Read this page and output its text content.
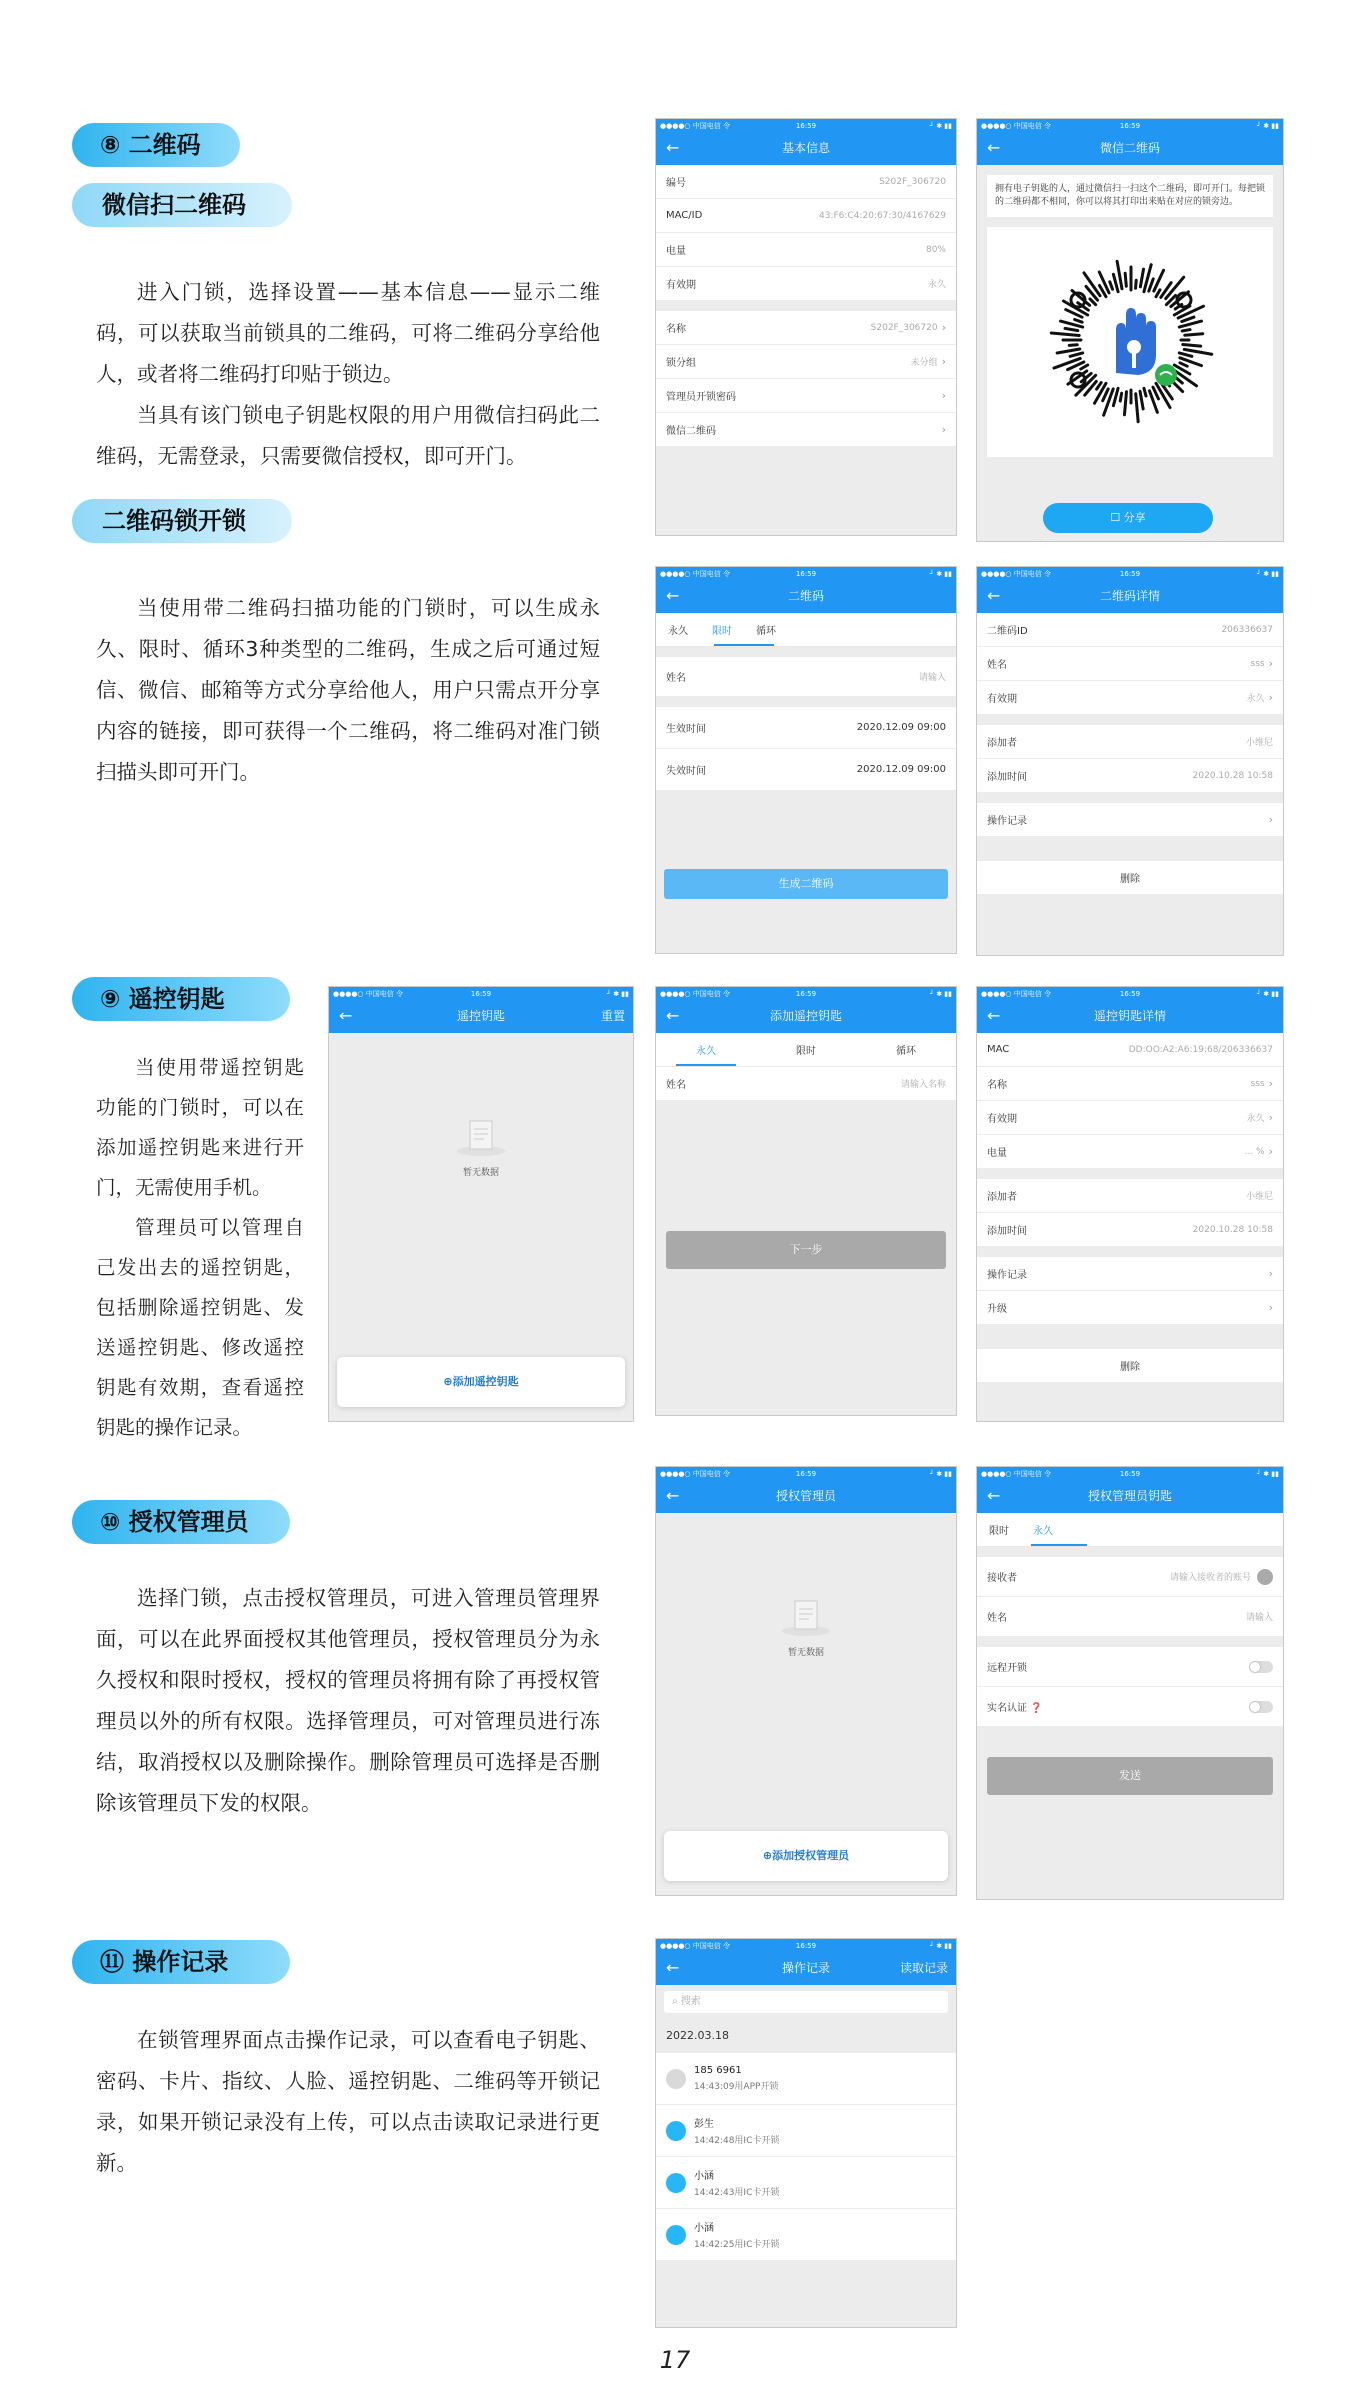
⑧ 二维码
微信扫二维码
进入门锁，选择设置——基本信息——显示二维码，可以获取当前锁具的二维码，可将二维码分享给他人，或者将二维码打印贴于锁边。
当具有该门锁电子钥匙权限的用户用微信扫码此二维码，无需登录，只需要微信授权，即可开门。
二维码锁开锁
当使用带二维码扫描功能的门锁时，可以生成永久、限时、循环3种类型的二维码，生成之后可通过短信、微信、邮箱等方式分享给他人，用户只需点开分享内容的链接，即可获得一个二维码，将二维码对准门锁扫描头即可开门。
⑨ 遥控钥匙
当使用带遥控钥匙功能的门锁时，可以在添加遥控钥匙来进行开门，无需使用手机。
管理员可以管理自己发出去的遥控钥匙，包括删除遥控钥匙、发送遥控钥匙、修改遥控钥匙有效期，查看遥控钥匙的操作记录。
⑩ 授权管理员
选择门锁，点击授权管理员，可进入管理员管理界面，可以在此界面授权其他管理员，授权管理员分为永久授权和限时授权，授权的管理员将拥有除了再授权管理员以外的所有权限。选择管理员，可对管理员进行冻结，取消授权以及删除操作。删除管理员可选择是否删除该管理员下发的权限。
⑪ 操作记录
在锁管理界面点击操作记录，可以查看电子钥匙、密码、卡片、指纹、人脸、遥控钥匙、二维码等开锁记录，如果开锁记录没有上传，可以点击读取记录进行更新。
●●●●○ 中国电信 令	16:59	┘ ✱ ▮▮
←	基本信息
编号	S202F_306720
MAC/ID	43:F6:C4:20:67:30/4167629
电量	80%
有效期	永久
名称	S202F_306720 ›
锁分组	未分组 ›
管理员开锁密码	›
微信二维码	›
●●●●○ 中国电信 令	16:59	┘ ✱ ▮▮
←	微信二维码
拥有电子钥匙的人，通过微信扫一扫这个二维码，即可开门。每把锁的二维码都不相同，你可以将其打印出来贴在对应的锁旁边。
☐ 分享
●●●●○ 中国电信 令	16:59	┘ ✱ ▮▮
←	二维码
永久	限时	循环
姓名	请输入
生效时间	2020.12.09 09:00
失效时间	2020.12.09 09:00
生成二维码
●●●●○ 中国电信 令	16:59	┘ ✱ ▮▮
←	二维码详情
二维码ID	206336637
姓名	sss ›
有效期	永久 ›
添加者	小维尼
添加时间	2020.10.28 10:58
操作记录	›
删除
●●●●○ 中国电信 令	16:59	┘ ✱ ▮▮
←	遥控钥匙	重置
暂无数据
⊕添加遥控钥匙
●●●●○ 中国电信 令	16:59	┘ ✱ ▮▮
←	添加遥控钥匙
永久	限时	循环
姓名	请输入名称
下一步
●●●●○ 中国电信 令	16:59	┘ ✱ ▮▮
←	遥控钥匙详情
MAC	DD:OO:A2:A6:19:68/206336637
名称	sss ›
有效期	永久 ›
电量	... % ›
添加者	小维尼
添加时间	2020.10.28 10:58
操作记录	›
升级	›
删除
●●●●○ 中国电信 令	16:59	┘ ✱ ▮▮
←	授权管理员
暂无数据
⊕添加授权管理员
●●●●○ 中国电信 令	16:59	┘ ✱ ▮▮
←	授权管理员钥匙
限时	永久
接收者	请输入接收者的账号
姓名	请输入
远程开锁
实名认证 ❓
发送
●●●●○ 中国电信 令	16:59	┘ ✱ ▮▮
←	操作记录	读取记录
⌕ 搜索
2022.03.18
185 6961
14:43:09用APP开锁
彭生
14:42:48用IC卡开锁
小涵
14:42:43用IC卡开锁
小涵
14:42:25用IC卡开锁
17
